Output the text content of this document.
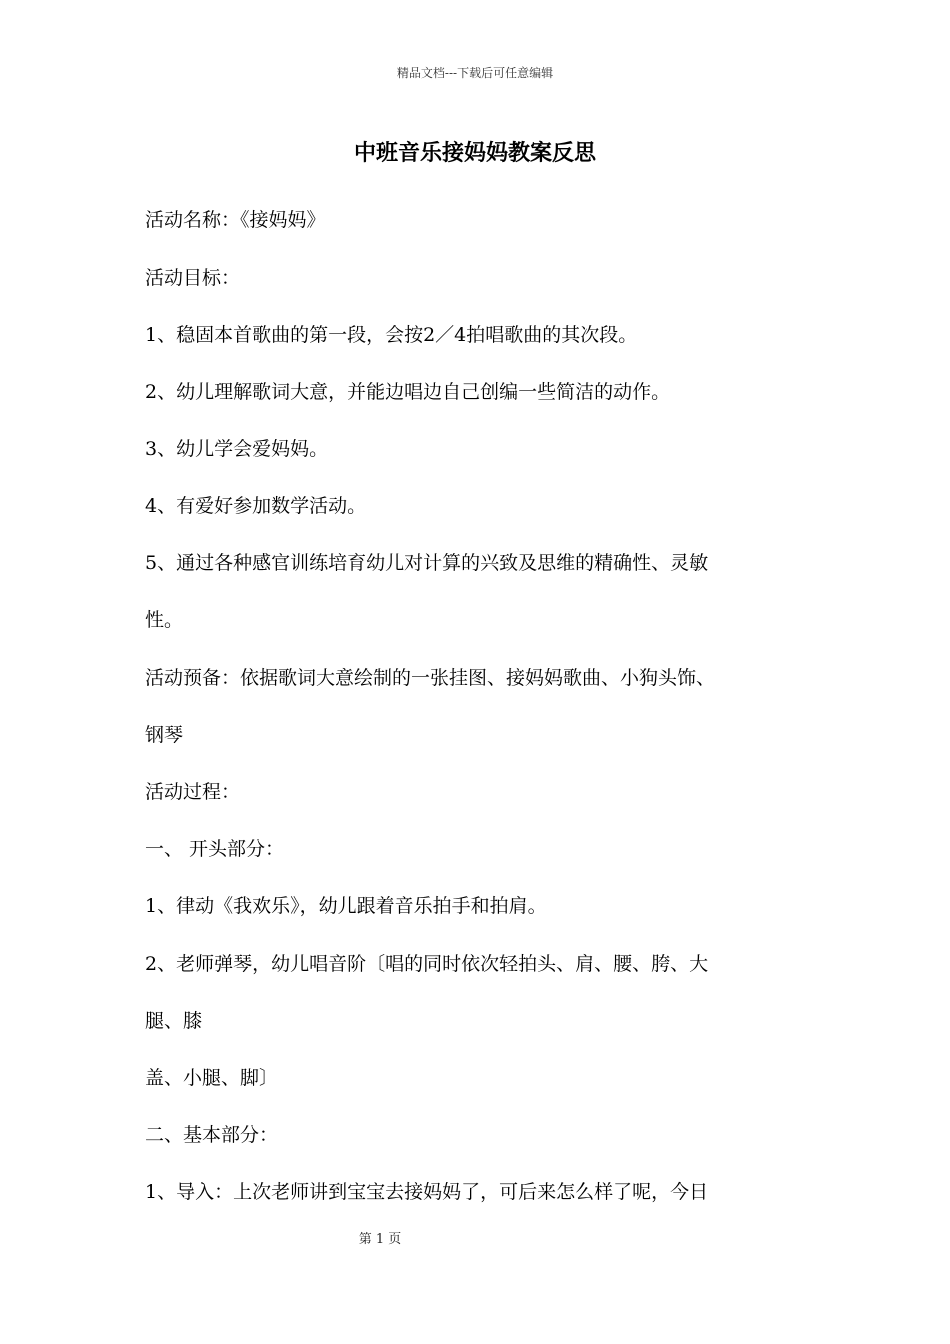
精品文档---下载后可任意编辑
中班音乐接妈妈教案反思
活动名称：《接妈妈》
活动目标：
1、稳固本首歌曲的第一段，会按2／4拍唱歌曲的其次段。
2、幼儿理解歌词大意，并能边唱边自己创编一些简洁的动作。
3、幼儿学会爱妈妈。
4、有爱好参加数学活动。
5、通过各种感官训练培育幼儿对计算的兴致及思维的精确性、灵敏
性。
活动预备：依据歌词大意绘制的一张挂图、接妈妈歌曲、小狗头饰、
钢琴
活动过程：
一、 开头部分：
1、律动《我欢乐》，幼儿跟着音乐拍手和拍肩。
2、老师弹琴，幼儿唱音阶〔唱的同时依次轻拍头、肩、腰、胯、大
腿、膝
盖、小腿、脚〕
二、基本部分：
1、导入：上次老师讲到宝宝去接妈妈了，可后来怎么样了呢，今日
第 1 页
